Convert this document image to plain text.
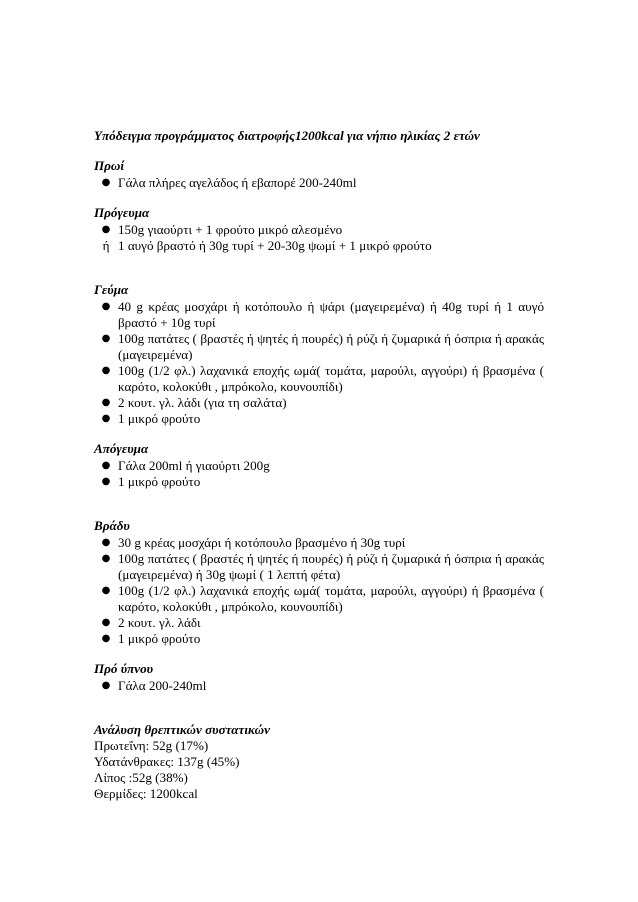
Υπόδειγμα προγράμματος διατροφής1200kcal για νήπιο ηλικίας 2 ετών

Πρωί

● Γάλα πλήρες αγελάδος ή εβαπορέ 200-240ml

Πρόγευμα

● 150g γιαούρτι + 1 φρούτο μικρό αλεσμένο
ή 1 αυγό βραστό ή 30g τυρί + 20-30g ψωμί + 1 μικρό φρούτο

Γεύμα

● 40 g κρέας μοσχάρι ή κοτόπουλο ή ψάρι (μαγειρεμένα) ή 40g τυρί ή 1 αυγό βραστό + 10g τυρί
● 100g πατάτες ( βραστές ή ψητές ή πουρές) ή ρύζι ή ζυμαρικά ή όσπρια ή αρακάς (μαγειρεμένα)
● 100g (1/2 φλ.) λαχανικά εποχής ωμά( τομάτα, μαρούλι, αγγούρι) ή βρασμένα ( καρότο, κολοκύθι , μπρόκολο, κουνουπίδι)
● 2 κουτ. γλ. λάδι (για τη σαλάτα)
● 1 μικρό φρούτο

Απόγευμα

● Γάλα 200ml ή γιαούρτι 200g
● 1 μικρό φρούτο

Βράδυ

● 30 g κρέας μοσχάρι ή κοτόπουλο βρασμένο ή 30g τυρί
● 100g πατάτες ( βραστές ή ψητές ή πουρές) ή ρύζι ή ζυμαρικά ή όσπρια ή αρακάς (μαγειρεμένα) ή 30g ψωμί ( 1 λεπτή φέτα)
● 100g (1/2 φλ.) λαχανικά εποχής ωμά( τομάτα, μαρούλι, αγγούρι) ή βρασμένα ( καρότο, κολοκύθι , μπρόκολο, κουνουπίδι)
● 2 κουτ. γλ. λάδι
● 1 μικρό φρούτο

Πρό ύπνου

● Γάλα 200-240ml

Ανάλυση θρεπτικών συστατικών

Πρωτεΐνη: 52g (17%)

Υδατάνθρακες: 137g (45%)

Λίπος :52g (38%)

Θερμίδες: 1200kcal
